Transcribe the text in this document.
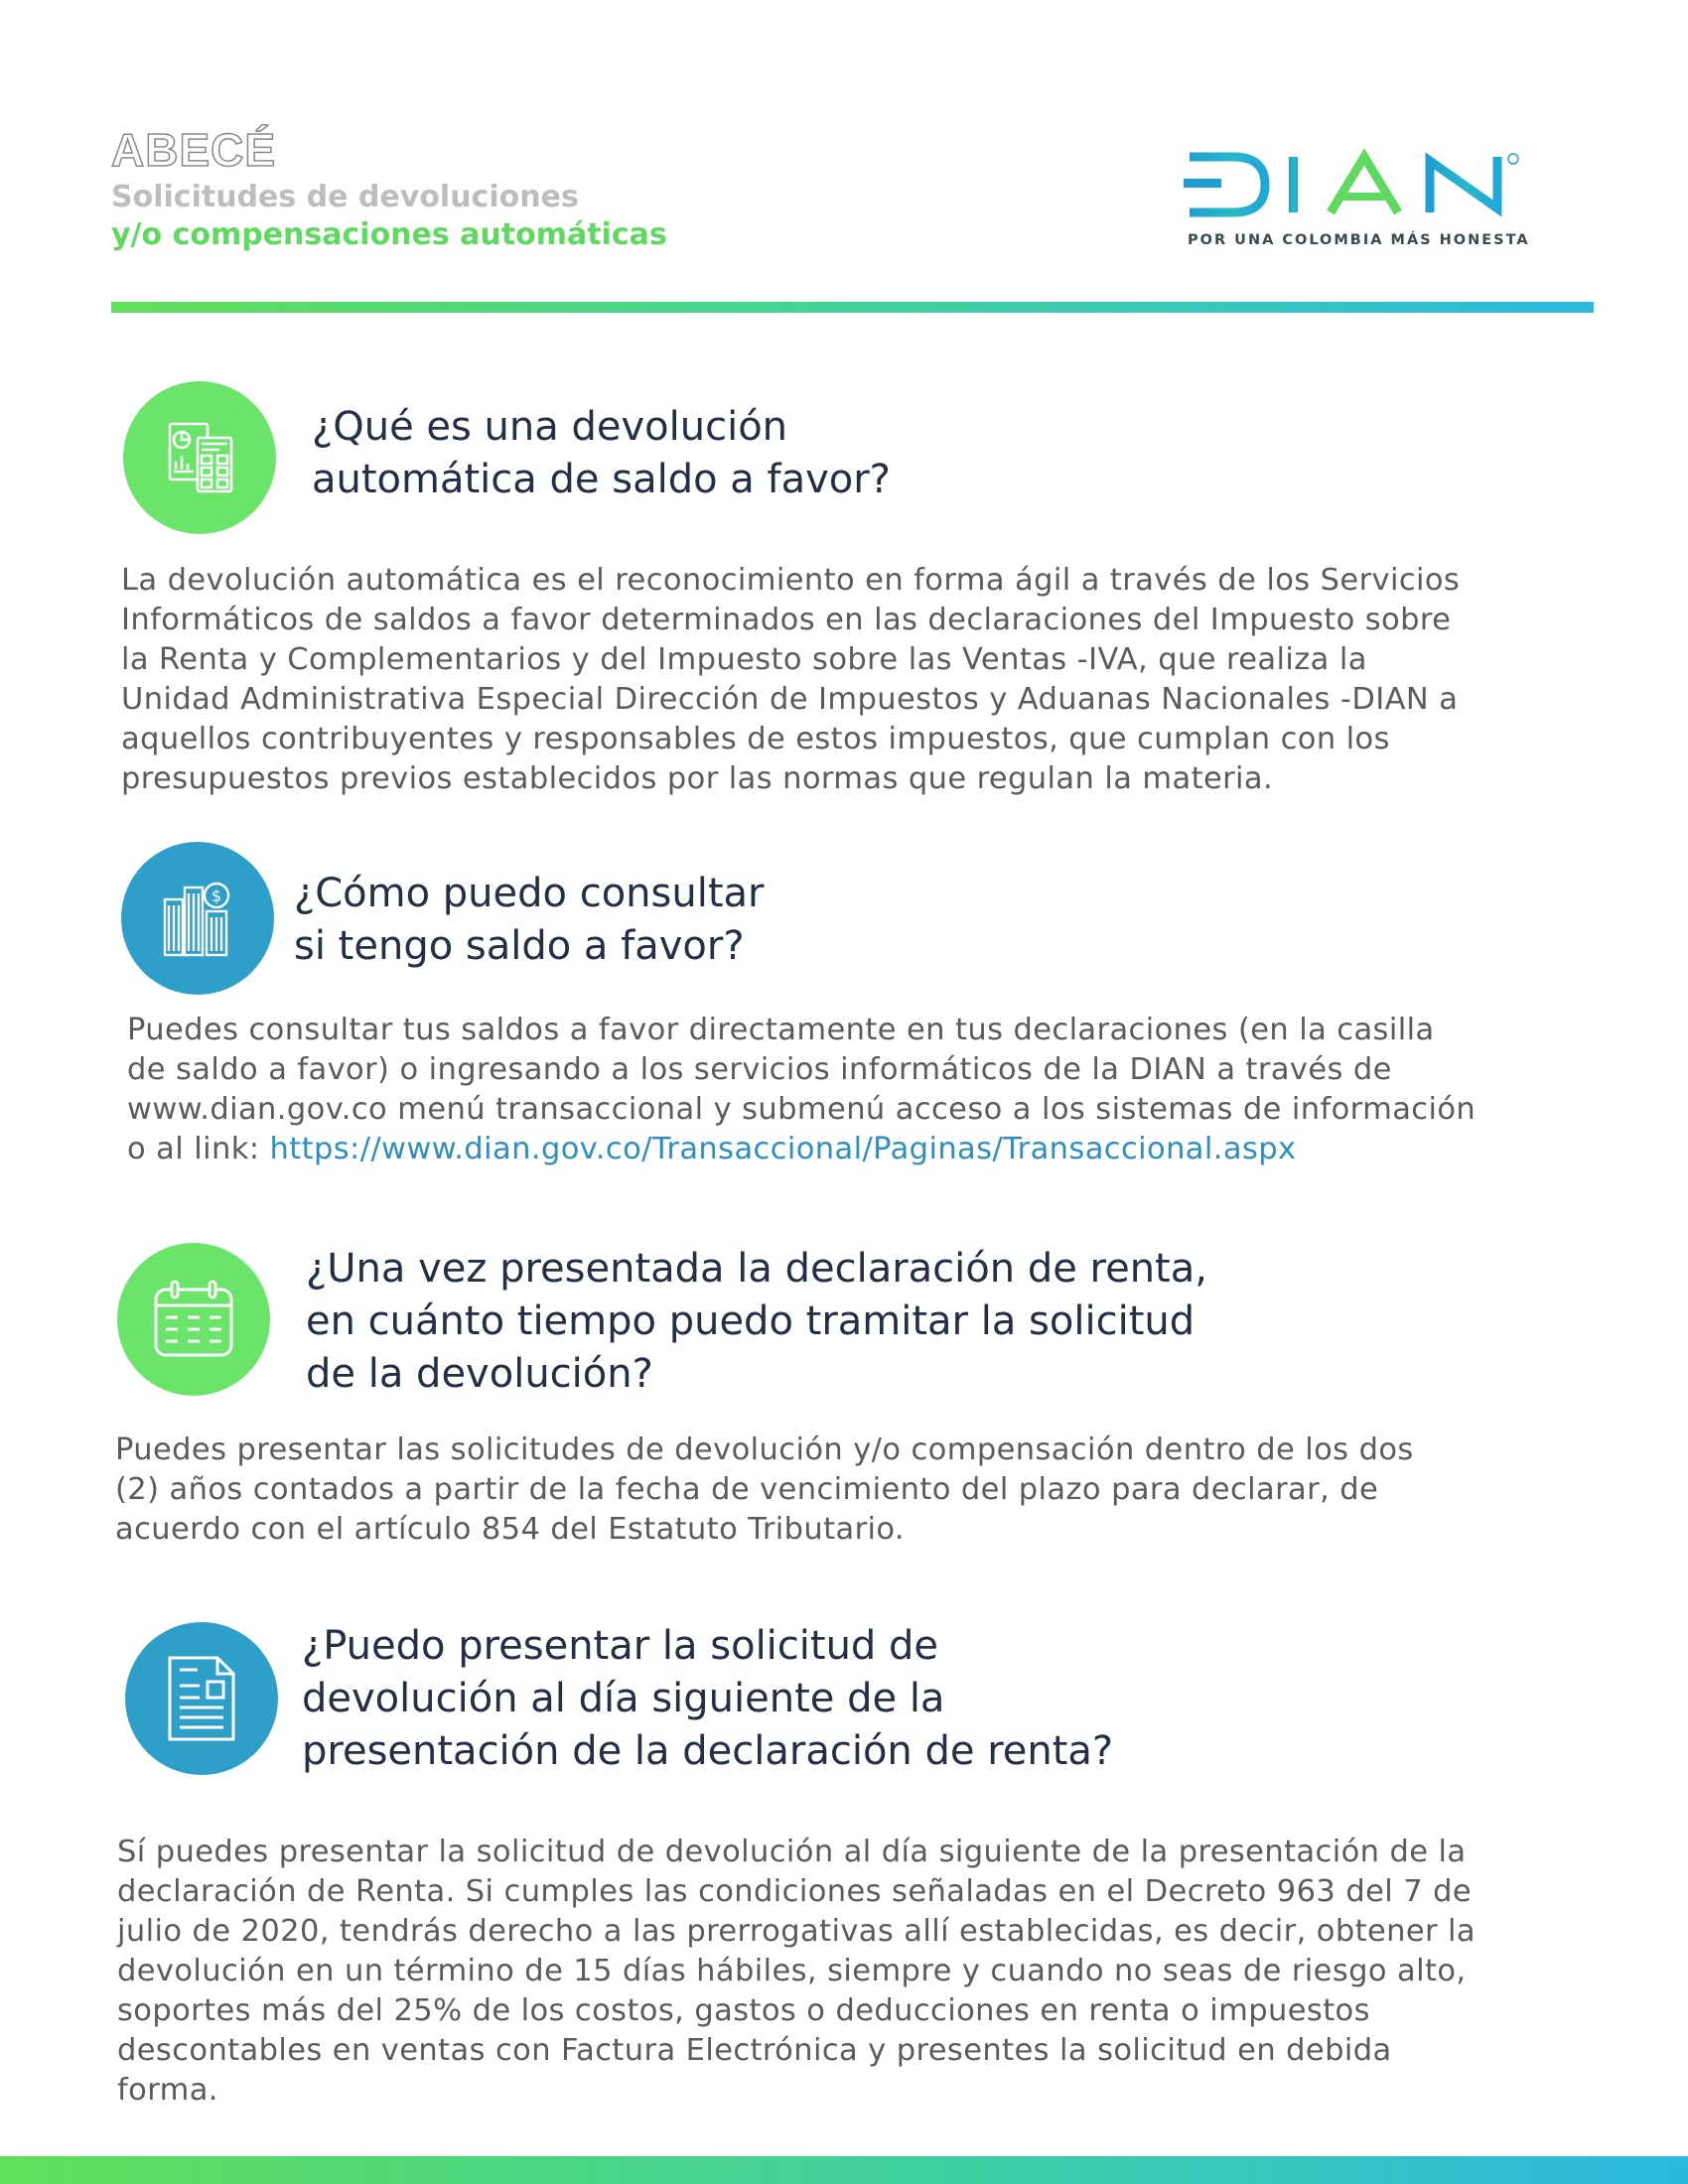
ABECÉ
Solicitudes de devoluciones
y/o compensaciones automáticas	POR UNA COLOMBIA MÁS HONESTA
¿Qué es una devolución
automática de saldo a favor?
La devolución automática es el reconocimiento en forma ágil a través de los Servicios
Informáticos de saldos a favor determinados en las declaraciones del Impuesto sobre
la Renta y Complementarios y del Impuesto sobre las Ventas -IVA, que realiza la
Unidad Administrativa Especial Dirección de Impuestos y Aduanas Nacionales -DIAN a
aquellos contribuyentes y responsables de estos impuestos, que cumplan con los
presupuestos previos establecidos por las normas que regulan la materia.
$ ¿Cómo puedo consultar
si tengo saldo a favor?
Puedes consultar tus saldos a favor directamente en tus declaraciones (en la casilla
de saldo a favor) o ingresando a los servicios informáticos de la DIAN a través de
www.dian.gov.co menú transaccional y submenú acceso a los sistemas de información
o al link: https://www.dian.gov.co/Transaccional/Paginas/Transaccional.aspx
¿Una vez presentada la declaración de renta,
en cuánto tiempo puedo tramitar la solicitud
de la devolución?
Puedes presentar las solicitudes de devolución y/o compensación dentro de los dos
(2) años contados a partir de la fecha de vencimiento del plazo para declarar, de
acuerdo con el artículo 854 del Estatuto Tributario.
¿Puedo presentar la solicitud de
devolución al día siguiente de la
presentación de la declaración de renta?
Sí puedes presentar la solicitud de devolución al día siguiente de la presentación de la
declaración de Renta. Si cumples las condiciones señaladas en el Decreto 963 del 7 de
julio de 2020, tendrás derecho a las prerrogativas allí establecidas, es decir, obtener la
devolución en un término de 15 días hábiles, siempre y cuando no seas de riesgo alto,
soportes más del 25% de los costos, gastos o deducciones en renta o impuestos
descontables en ventas con Factura Electrónica y presentes la solicitud en debida
forma.
